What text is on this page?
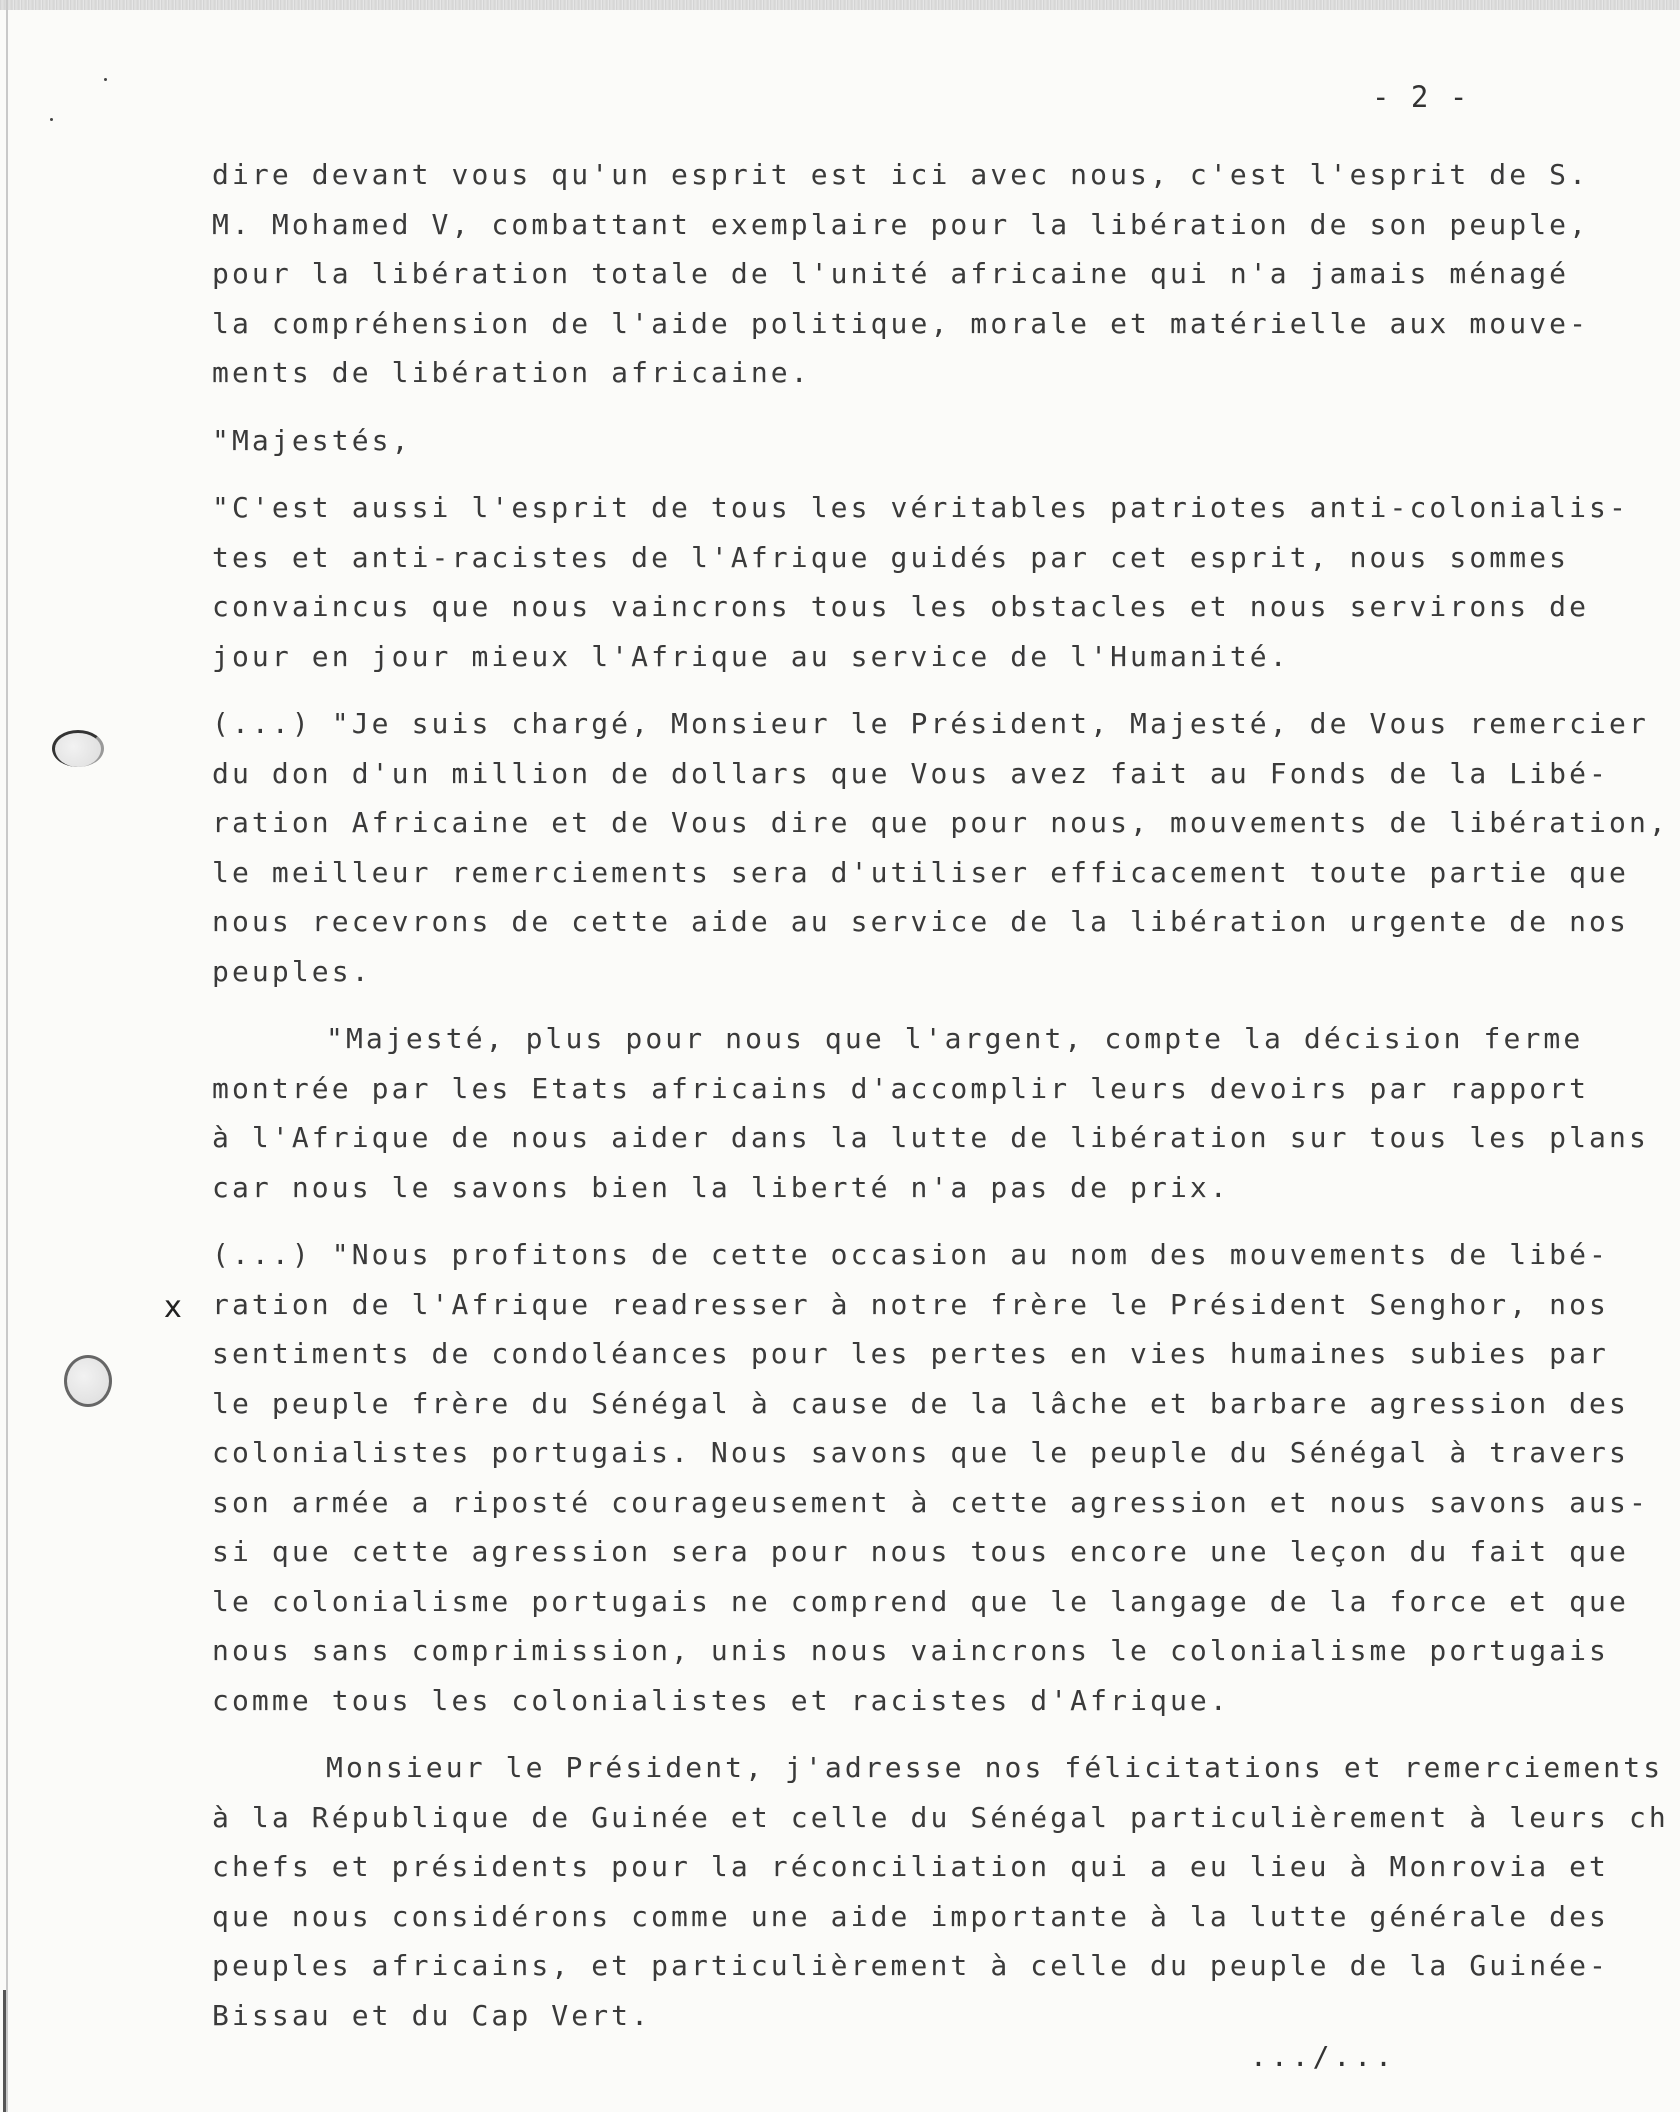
- 2 -
x
dire devant vous qu'un esprit est ici avec nous, c'est l'esprit de S.
M. Mohamed V, combattant exemplaire pour la libération de son peuple,
pour la libération totale de l'unité africaine qui n'a jamais ménagé
la compréhension de l'aide politique, morale et matérielle aux mouve-
ments de libération africaine.
"Majestés,
"C'est aussi l'esprit de tous les véritables patriotes anti-colonialis-
tes et anti-racistes de l'Afrique guidés par cet esprit, nous sommes
convaincus que nous vaincrons tous les obstacles et nous servirons de
jour en jour mieux l'Afrique au service de l'Humanité.
(...) "Je suis chargé, Monsieur le Président, Majesté, de Vous remercier
du don d'un million de dollars que Vous avez fait au Fonds de la Libé-
ration Africaine et de Vous dire que pour nous, mouvements de libération,
le meilleur remerciements sera d'utiliser efficacement toute partie que
nous recevrons de cette aide au service de la libération urgente de nos
peuples.
"Majesté, plus pour nous que l'argent, compte la décision ferme
montrée par les Etats africains d'accomplir leurs devoirs par rapport
à l'Afrique de nous aider dans la lutte de libération sur tous les plans
car nous le savons bien la liberté n'a pas de prix.
(...) "Nous profitons de cette occasion au nom des mouvements de libé-
ration de l'Afrique readresser à notre frère le Président Senghor, nos
sentiments de condoléances pour les pertes en vies humaines subies par
le peuple frère du Sénégal à cause de la lâche et barbare agression des
colonialistes portugais. Nous savons que le peuple du Sénégal à travers
son armée a riposté courageusement à cette agression et nous savons aus-
si que cette agression sera pour nous tous encore une leçon du fait que
le colonialisme portugais ne comprend que le langage de la force et que
nous sans comprimission, unis nous vaincrons le colonialisme portugais
comme tous les colonialistes et racistes d'Afrique.
Monsieur le Président, j'adresse nos félicitations et remerciements
à la République de Guinée et celle du Sénégal particulièrement à leurs ch
chefs et présidents pour la réconciliation qui a eu lieu à Monrovia et
que nous considérons comme une aide importante à la lutte générale des
peuples africains, et particulièrement à celle du peuple de la Guinée-
Bissau et du Cap Vert.
.../...
